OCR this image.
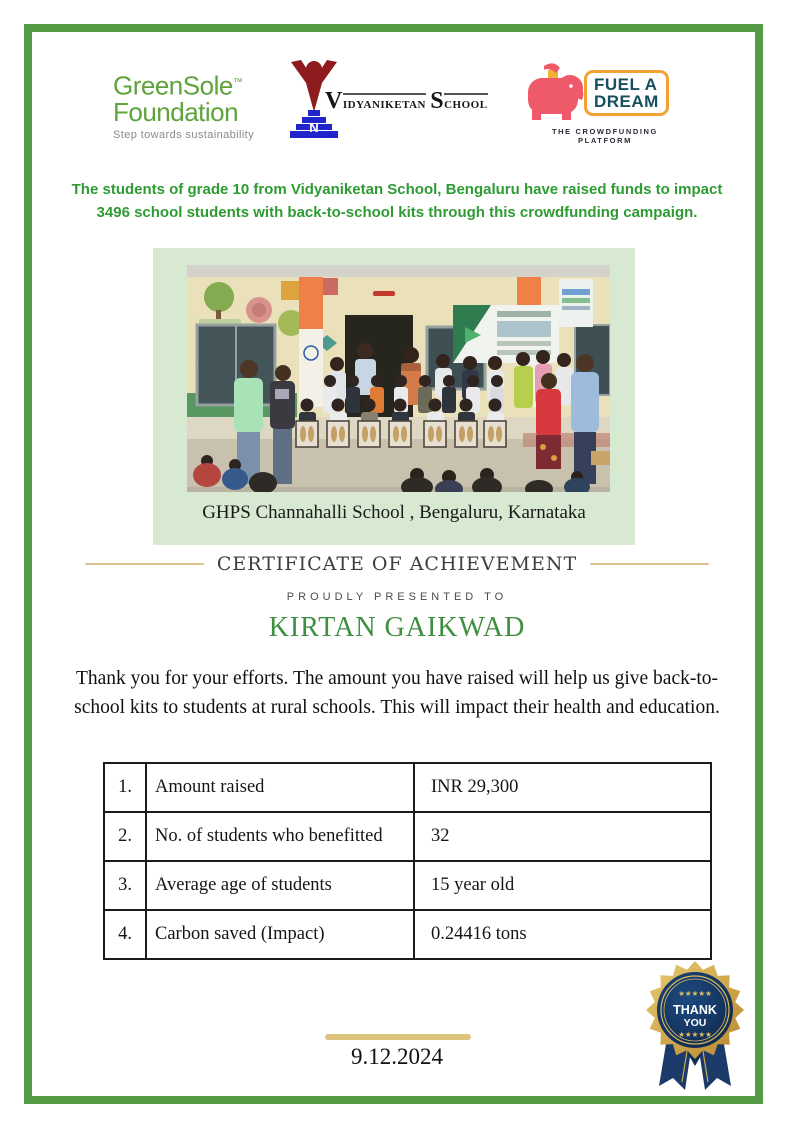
GreenSole™
Foundation
Step towards sustainability	N
Vidyaniketan School
FUEL A
DREAM
THE CROWDFUNDING PLATFORM
The students of grade 10 from Vidyaniketan School, Bengaluru have raised funds to impact
3496 school students with back-to-school kits through this crowdfunding campaign.
GHPS Channahalli School , Bengaluru, Karnataka
CERTIFICATE OF ACHIEVEMENT
PROUDLY PRESENTED TO
KIRTAN GAIKWAD
Thank you for your efforts. The amount you have raised will help us give back-to-
school kits to students at rural schools. This will impact their health and education.
1.	Amount raised	INR 29,300
2.	No. of students who benefitted	32
3.	Average age of students	15 year old
4.	Carbon saved (Impact)	0.24416 tons
9.12.2024
★★★★★
THANK
YOU
★★★★★
